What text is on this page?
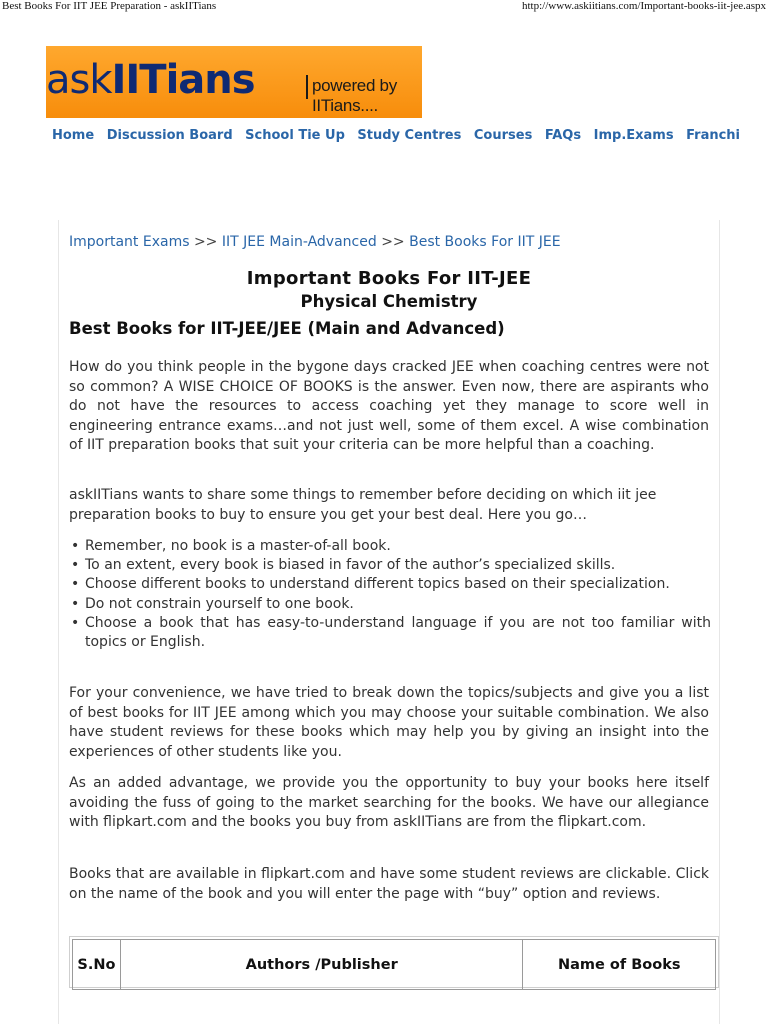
Best Books For IIT JEE Preparation - askIITians	http://www.askiitians.com/Important-books-iit-jee.aspx
askIITians	powered by IITians....
Home Discussion Board School Tie Up Study Centres Courses FAQs Imp.Exams Franchi
Important Exams >> IIT JEE Main-Advanced >> Best Books For IIT JEE
Important Books For IIT-JEE
Physical Chemistry
Best Books for IIT-JEE/JEE (Main and Advanced)

How do you think people in the bygone days cracked JEE when coaching centres were not so common? A WISE CHOICE OF BOOKS is the answer. Even now, there are aspirants who do not have the resources to access coaching yet they manage to score well in engineering entrance exams…and not just well, some of them excel. A wise combination of IIT preparation books that suit your criteria can be more helpful than a coaching.

askIITians wants to share some things to remember before deciding on which iit jee preparation books to buy to ensure you get your best deal. Here you go…

• Remember, no book is a master-of-all book.
• To an extent, every book is biased in favor of the author’s specialized skills.
• Choose different books to understand different topics based on their specialization.
• Do not constrain yourself to one book.
• Choose a book that has easy-to-understand language if you are not too familiar with topics or English.

For your convenience, we have tried to break down the topics/subjects and give you a list of best books for IIT JEE among which you may choose your suitable combination. We also have student reviews for these books which may help you by giving an insight into the experiences of other students like you.

As an added advantage, we provide you the opportunity to buy your books here itself avoiding the fuss of going to the market searching for the books. We have our allegiance with flipkart.com and the books you buy from askIITians are from the flipkart.com.

Books that are available in flipkart.com and have some student reviews are clickable. Click on the name of the book and you will enter the page with “buy” option and reviews.

S.No	Authors /Publisher	Name of Books
